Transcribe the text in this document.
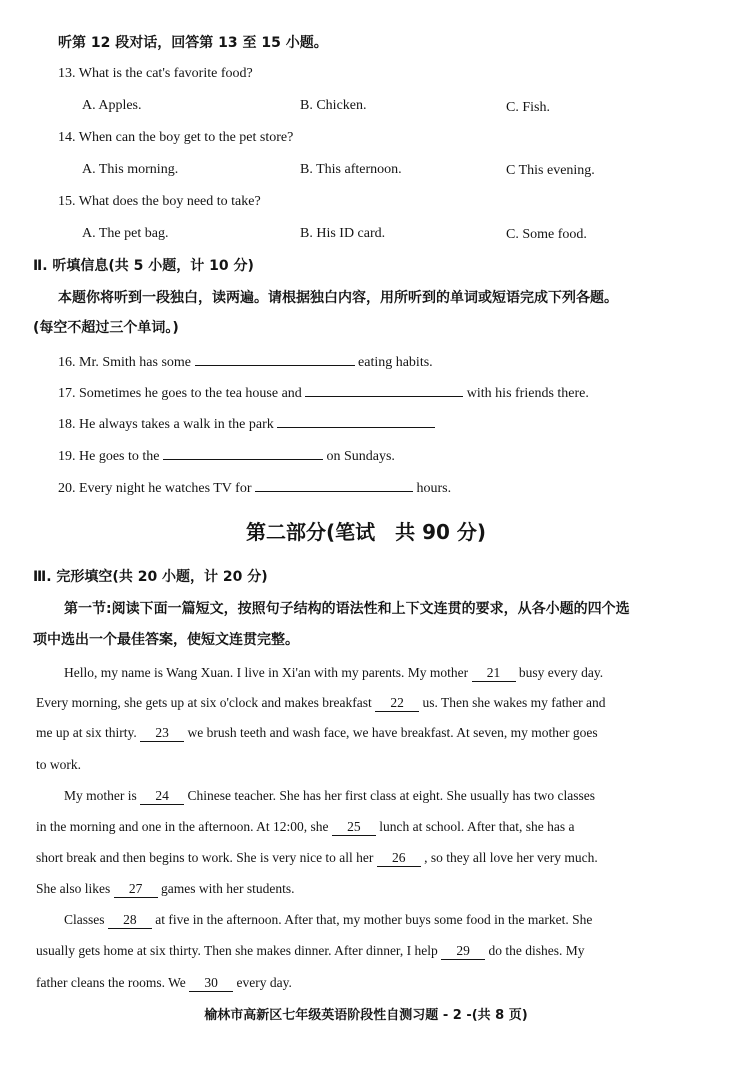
听第 12 段对话，回答第 13 至 15 小题。
13. What is the cat's favorite food?
A. Apples.	B. Chicken.	C. Fish.
14. When can the boy get to the pet store?
A. This morning.	B. This afternoon.	C This evening.
15. What does the boy need to take?
A. The pet bag.	B. His ID card.	C. Some food.
Ⅱ. 听填信息(共 5 小题，计 10 分)
本题你将听到一段独白，读两遍。请根据独白内容，用所听到的单词或短语完成下列各题。
(每空不超过三个单词。)
16. Mr. Smith has some	eating habits.
17. Sometimes he goes to the tea house and	with his friends there.
18. He always takes a walk in the park
19. He goes to the	on Sundays.
20. Every night he watches TV for	hours.
第二部分(笔试　共 90 分)
Ⅲ. 完形填空(共 20 小题，计 20 分)
第一节:阅读下面一篇短文，按照句子结构的语法性和上下文连贯的要求，从各小题的四个选
项中选出一个最佳答案，使短文连贯完整。
Hello, my name is Wang Xuan. I live in Xi'an with my parents. My mother 21 busy every day.
Every morning, she gets up at six o'clock and makes breakfast 22 us. Then she wakes my father and
me up at six thirty. 23 we brush teeth and wash face, we have breakfast. At seven, my mother goes
to work.
My mother is 24 Chinese teacher. She has her first class at eight. She usually has two classes
in the morning and one in the afternoon. At 12:00, she 25 lunch at school. After that, she has a
short break and then begins to work. She is very nice to all her 26 , so they all love her very much.
She also likes 27 games with her students.
Classes 28 at five in the afternoon. After that, my mother buys some food in the market. She
usually gets home at six thirty. Then she makes dinner. After dinner, I help 29 do the dishes. My
father cleans the rooms. We 30 every day.
榆林市高新区七年级英语阶段性自测习题 - 2 -(共 8 页)
